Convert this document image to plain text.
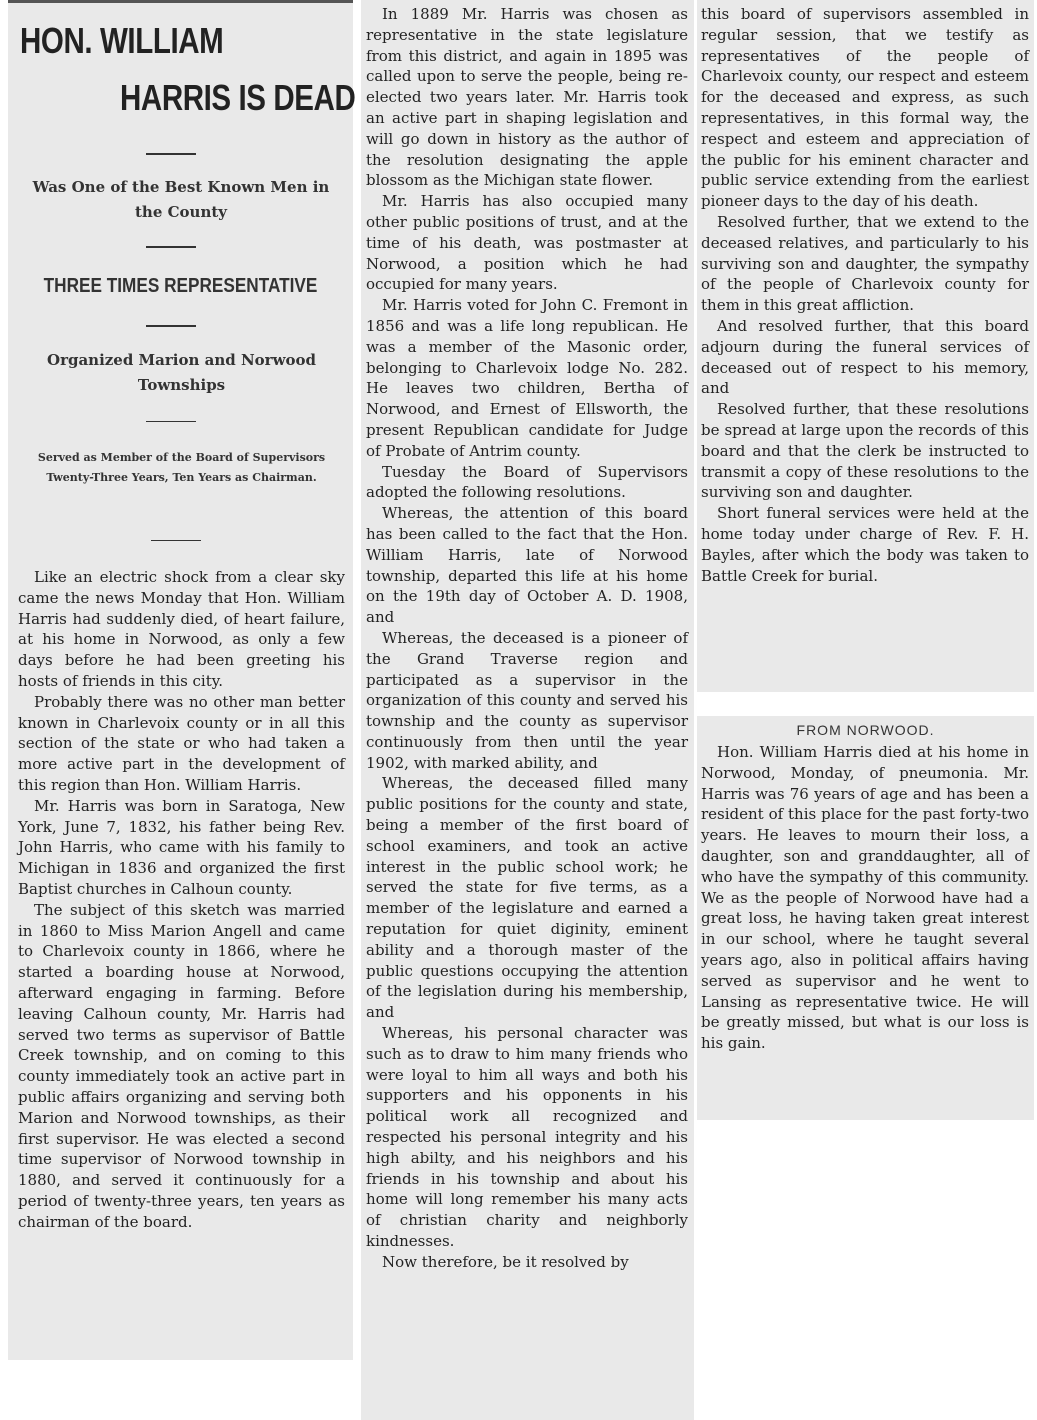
HON. WILLIAM
HARRIS IS DEAD
Was One of the Best Known Men in the County
THREE TIMES REPRESENTATIVE
Organized Marion and Norwood Townships
Served as Member of the Board of Supervisors Twenty-Three Years, Ten Years as Chairman.

Like an electric shock from a clear sky came the news Monday that Hon. William Harris had suddenly died, of heart failure, at his home in Norwood, as only a few days before he had been greeting his hosts of friends in this city.

Probably there was no other man better known in Charlevoix county or in all this section of the state or who had taken a more active part in the development of this region than Hon. William Harris.

Mr. Harris was born in Saratoga, New York, June 7, 1832, his father being Rev. John Harris, who came with his family to Michigan in 1836 and organized the first Baptist churches in Calhoun county.

The subject of this sketch was married in 1860 to Miss Marion Angell and came to Charlevoix county in 1866, where he started a boarding house at Norwood, afterward engaging in farming. Before leaving Calhoun county, Mr. Harris had served two terms as supervisor of Battle Creek township, and on coming to this county immediately took an active part in public affairs organizing and serving both Marion and Norwood townships, as their first supervisor. He was elected a second time supervisor of Norwood township in 1880, and served it continuously for a period of twenty-three years, ten years as chairman of the board.

In 1889 Mr. Harris was chosen as representative in the state legislature from this district, and again in 1895 was called upon to serve the people, being re-elected two years later. Mr. Harris took an active part in shaping legislation and will go down in history as the author of the resolution designating the apple blossom as the Michigan state flower.

Mr. Harris has also occupied many other public positions of trust, and at the time of his death, was postmaster at Norwood, a position which he had occupied for many years.

Mr. Harris voted for John C. Fremont in 1856 and was a life long republican. He was a member of the Masonic order, belonging to Charlevoix lodge No. 282. He leaves two children, Bertha of Norwood, and Ernest of Ellsworth, the present Republican candidate for Judge of Probate of Antrim county.

Tuesday the Board of Supervisors adopted the following resolutions.

Whereas, the attention of this board has been called to the fact that the Hon. William Harris, late of Norwood township, departed this life at his home on the 19th day of October A. D. 1908, and

Whereas, the deceased is a pioneer of the Grand Traverse region and participated as a supervisor in the organization of this county and served his township and the county as supervisor continuously from then until the year 1902, with marked ability, and

Whereas, the deceased filled many public positions for the county and state, being a member of the first board of school examiners, and took an active interest in the public school work; he served the state for five terms, as a member of the legislature and earned a reputation for quiet diginity, eminent ability and a thorough master of the public questions occupying the attention of the legislation during his membership, and

Whereas, his personal character was such as to draw to him many friends who were loyal to him all ways and both his supporters and his opponents in his political work all recognized and respected his personal integrity and his high abilty, and his neighbors and his friends in his township and about his home will long remember his many acts of christian charity and neighborly kindnesses.

Now therefore, be it resolved by

this board of supervisors assembled in regular session, that we testify as representatives of the people of Charlevoix county, our respect and esteem for the deceased and express, as such representatives, in this formal way, the respect and esteem and appreciation of the public for his eminent character and public service extending from the earliest pioneer days to the day of his death.

Resolved further, that we extend to the deceased relatives, and particularly to his surviving son and daughter, the sympathy of the people of Charlevoix county for them in this great affliction.

And resolved further, that this board adjourn during the funeral services of deceased out of respect to his memory, and

Resolved further, that these resolutions be spread at large upon the records of this board and that the clerk be instructed to transmit a copy of these resolutions to the surviving son and daughter.

Short funeral services were held at the home today under charge of Rev. F. H. Bayles, after which the body was taken to Battle Creek for burial.

FROM NORWOOD.

Hon. William Harris died at his home in Norwood, Monday, of pneumonia. Mr. Harris was 76 years of age and has been a resident of this place for the past forty-two years. He leaves to mourn their loss, a daughter, son and granddaughter, all of who have the sympathy of this community. We as the people of Norwood have had a great loss, he having taken great interest in our school, where he taught several years ago, also in political affairs having served as supervisor and he went to Lansing as representative twice. He will be greatly missed, but what is our loss is his gain.
